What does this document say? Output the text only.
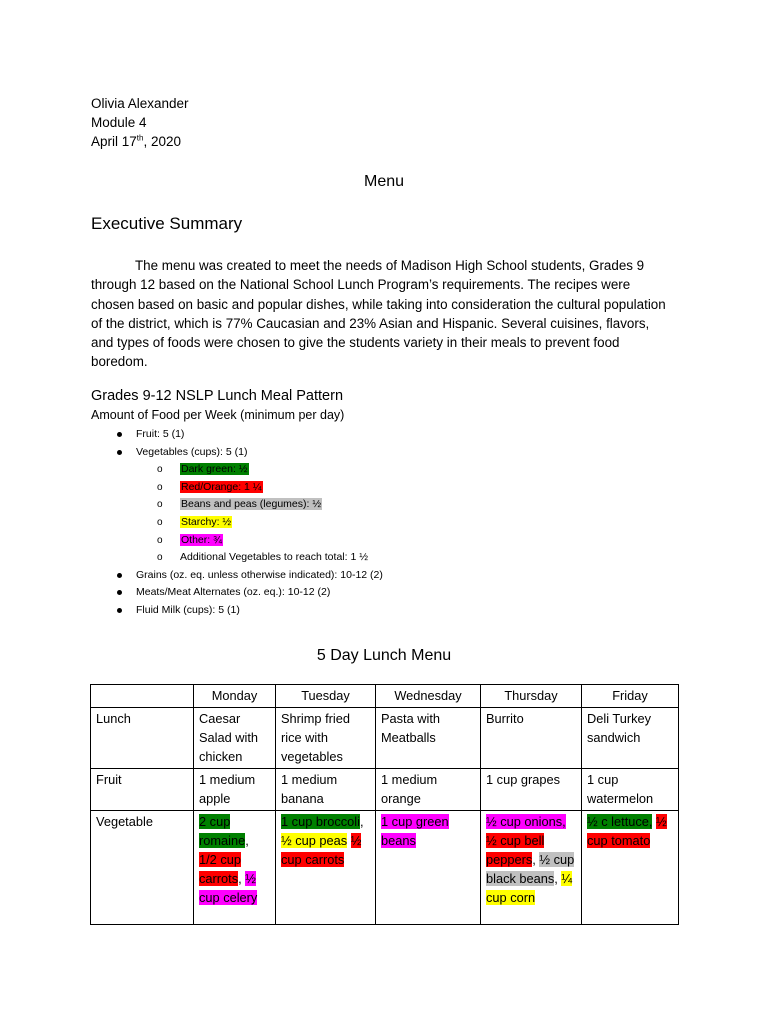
Olivia Alexander
Module 4
April 17th, 2020
Menu
Executive Summary
The menu was created to meet the needs of Madison High School students, Grades 9 through 12 based on the National School Lunch Program’s requirements. The recipes were chosen based on basic and popular dishes, while taking into consideration the cultural population of the district, which is 77% Caucasian and 23% Asian and Hispanic. Several cuisines, flavors, and types of foods were chosen to give the students variety in their meals to prevent food boredom.
Grades 9-12 NSLP Lunch Meal Pattern
Amount of Food per Week (minimum per day)
Fruit: 5 (1)
Vegetables (cups): 5 (1)
o Dark green: ½
o Red/Orange: 1 ¼
o Beans and peas (legumes): ½
o Starchy: ½
o Other: ¾
o Additional Vegetables to reach total: 1 ½
Grains (oz. eq. unless otherwise indicated): 10-12 (2)
Meats/Meat Alternates (oz. eq.): 10-12 (2)
Fluid Milk (cups): 5 (1)
5 Day Lunch Menu
	Monday	Tuesday	Wednesday	Thursday	Friday
Lunch	Caesar Salad with chicken	Shrimp fried rice with vegetables	Pasta with Meatballs	Burrito	Deli Turkey sandwich
Fruit	1 medium apple	1 medium banana	1 medium orange	1 cup grapes	1 cup watermelon
Vegetable	2 cup romaine, 1/2 cup carrots, ½ cup celery	1 cup broccoli, ½ cup peas ½ cup carrots	1 cup green beans	½ cup onions, ½ cup bell peppers, ½ cup black beans, ¼ cup corn	½ c lettuce, ½ cup tomato
